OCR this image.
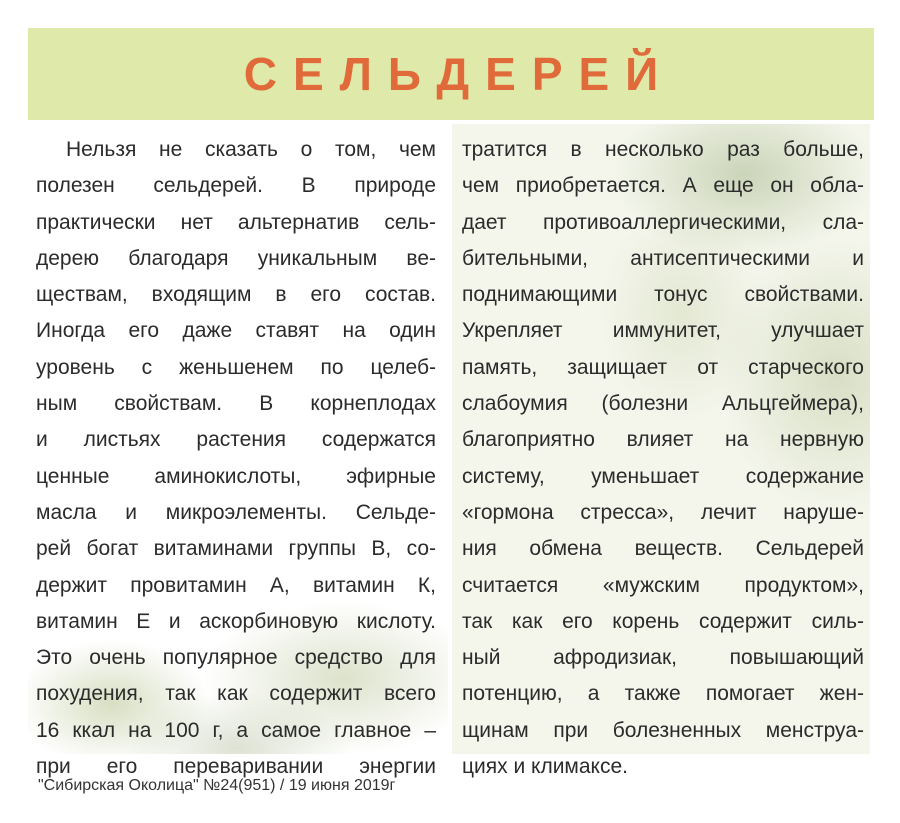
СЕЛЬДЕРЕЙ
Нельзя не сказать о том, чем
полезен сельдерей. В природе
практически нет альтернатив сель-
дерею благодаря уникальным ве-
ществам, входящим в его состав.
Иногда его даже ставят на один
уровень с женьшенем по целеб-
ным свойствам. В корнеплодах
и листьях растения содержатся
ценные аминокислоты, эфирные
масла и микроэлементы. Сельде-
рей богат витаминами группы В, со-
держит провитамин А, витамин К,
витамин Е и аскорбиновую кислоту.
Это очень популярное средство для
похудения, так как содержит всего
16 ккал на 100 г, а самое главное –
при его переваривании энергии
тратится в несколько раз больше,
чем приобретается. А еще он обла-
дает противоаллергическими, сла-
бительными, антисептическими и
поднимающими тонус свойствами.
Укрепляет иммунитет, улучшает
память, защищает от старческого
слабоумия (болезни Альцгеймера),
благоприятно влияет на нервную
систему, уменьшает содержание
«гормона стресса», лечит наруше-
ния обмена веществ. Сельдерей
считается «мужским продуктом»,
так как его корень содержит силь-
ный афродизиак, повышающий
потенцию, а также помогает жен-
щинам при болезненных менструа-
циях и климаксе.
"Сибирская Околица" №24(951) / 19 июня 2019г
